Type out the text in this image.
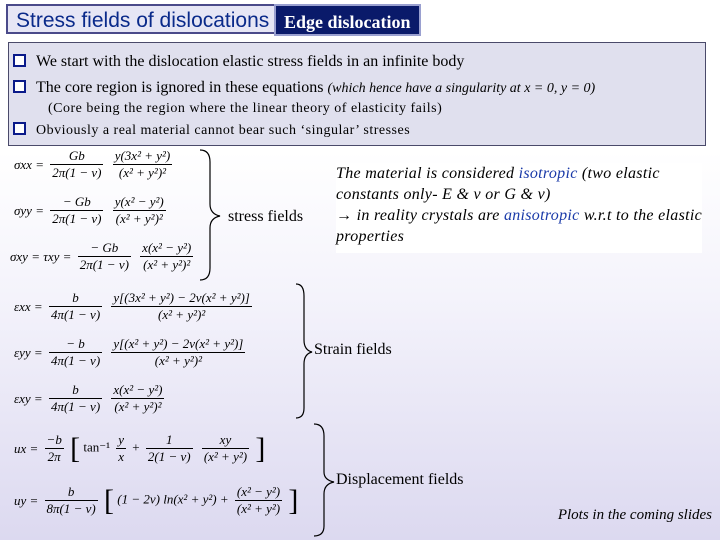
Stress fields of dislocations Edge dislocation
We start with the dislocation elastic stress fields in an infinite body
The core region is ignored in these equations (which hence have a singularity at x = 0, y = 0)
(Core being the region where the linear theory of elasticity fails)
Obviously a real material cannot bear such ‘singular’ stresses
$\sigma xx = \frac{Gb}{2\pi(1 - \nu)}$
$\frac{\text{y(3x² + y²)}}{\text{(x² + y²)²}}$
$\sigma yy = \frac{- Gb}{2\pi(1 - \nu)}$
$\frac{\text{y(x² − y²)}}{\text{(x² + y²)²}}$
$\sigma xy = \tau xy = \frac{- Gb}{2\pi(1 - \nu)}$
$\frac{\text{x(x² − y²)}}{\text{(x² + y²)²}}$
stress fields
The material is considered isotropic (two elastic constants only- E & ν or G & ν)
→ in reality crystals are anisotropic w.r.t to the elastic properties
$\varepsilon xx = \frac{b}{4\pi(1 - \nu)}$
$\frac{\text{y[(3x² + y²) − 2ν(x² + y²)]}}{\text{(x² + y²)²}}$
$\varepsilon yy = \frac{- b}{4\pi(1 - \nu)}$
$\frac{\text{y[(x² + y²) − 2ν(x² + y²)]}}{\text{(x² + y²)²}}$
$\varepsilon xy = \frac{b}{4\pi(1 - \nu)}$
$\frac{\text{x(x² − y²)}}{\text{(x² + y²)²}}$
Strain fields
ux = $\frac{-b}{2\pi}$ [ $\tan^{-1} \frac{y}{x} + \frac{1}{2(1 - \nu)}$
$\frac{xy}{\text{(x² + y²)}}$ ]
uy = $\frac{b}{8\pi(1 - \nu)}$ [ (1 − 2ν) $\ln(x^2 + y^2) + \frac{\text{(x² − y²)}}{\text{(x² + y²)}}$ ]
Displacement fields
Plots in the coming slides
